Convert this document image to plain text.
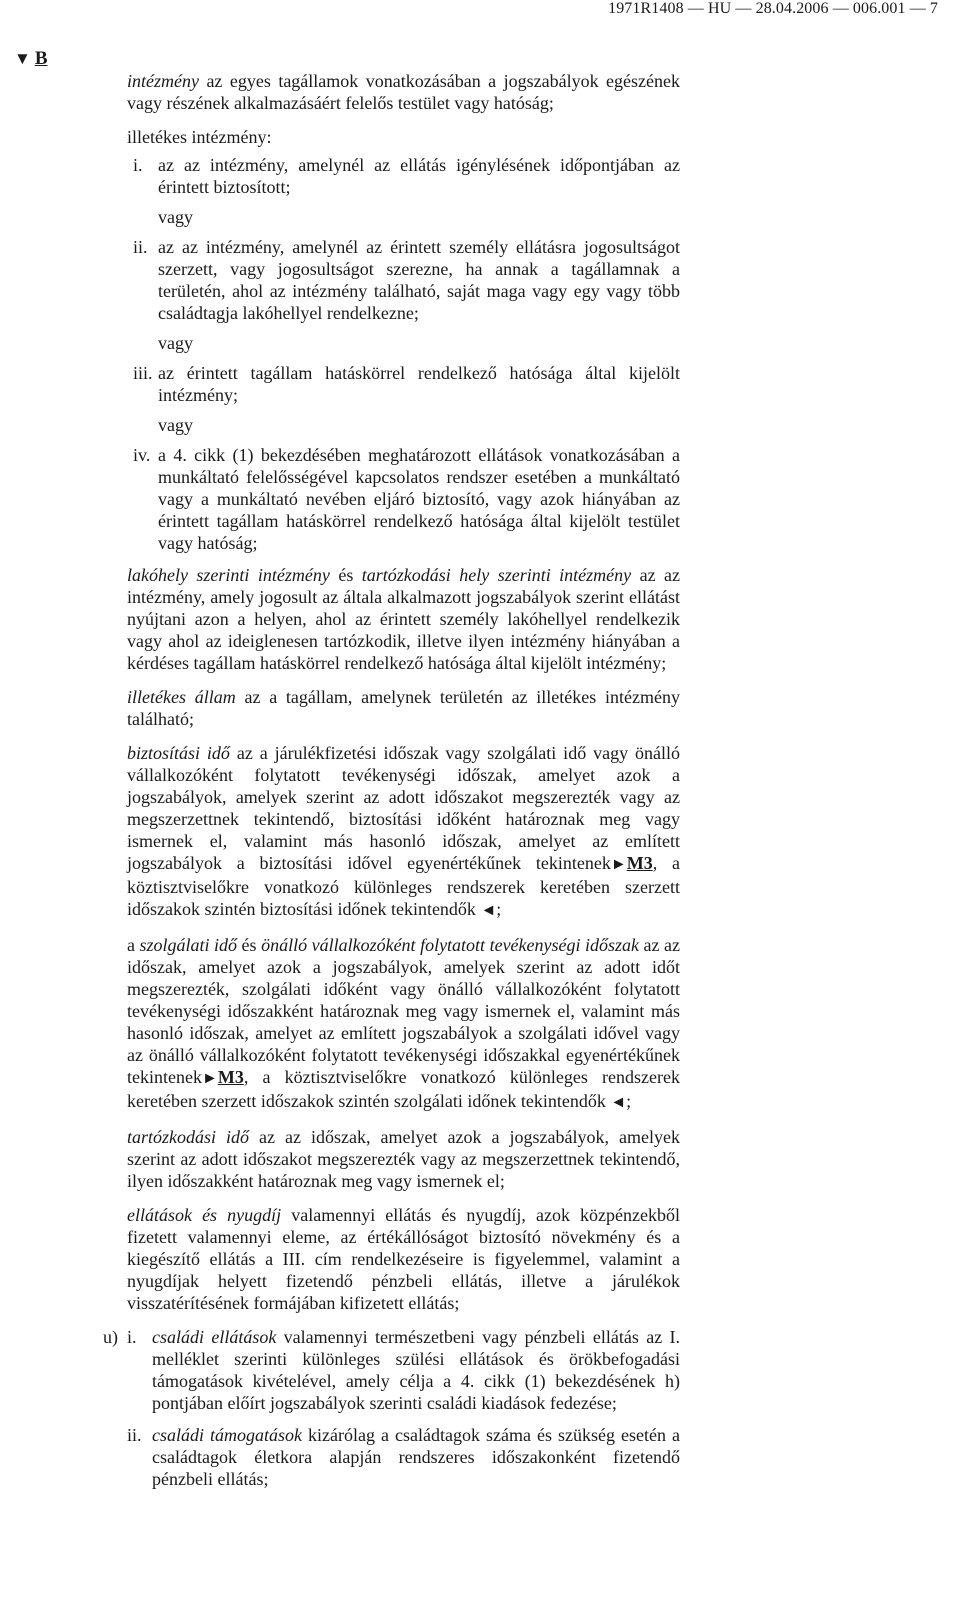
1971R1408 — HU — 28.04.2006 — 006.001 — 7
▼ B
intézmény az egyes tagállamok vonatkozásában a jogszabályok egészének vagy részének alkalmazásáért felelős testület vagy hatóság;
illetékes intézmény:
i. az az intézmény, amelynél az ellátás igénylésének időpontjában az érintett biztosított;
vagy
ii. az az intézmény, amelynél az érintett személy ellátásra jogosultságot szerzett, vagy jogosultságot szerezne, ha annak a tagállamnak a területén, ahol az intézmény található, saját maga vagy egy vagy több családtagja lakóhellyel rendelkezne;
vagy
iii. az érintett tagállam hatáskörrel rendelkező hatósága által kijelölt intézmény;
vagy
iv. a 4. cikk (1) bekezdésében meghatározott ellátások vonatkozásában a munkáltató felelősségével kapcsolatos rendszer esetében a munkáltató vagy a munkáltató nevében eljáró biztosító, vagy azok hiányában az érintett tagállam hatáskörrel rendelkező hatósága által kijelölt testület vagy hatóság;
lakóhely szerinti intézmény és tartózkodási hely szerinti intézmény az az intézmény, amely jogosult az általa alkalmazott jogszabályok szerint ellátást nyújtani azon a helyen, ahol az érintett személy lakóhellyel rendelkezik vagy ahol az ideiglenesen tartózkodik, illetve ilyen intézmény hiányában a kérdéses tagállam hatáskörrel rendelkező hatósága által kijelölt intézmény;
illetékes állam az a tagállam, amelynek területén az illetékes intézmény található;
biztosítási idő az a járulékfizetési időszak vagy szolgálati idő vagy önálló vállalkozóként folytatott tevékenységi időszak, amelyet azok a jogszabályok, amelyek szerint az adott időszakot megszerezték vagy az megszerzettnek tekintendő, biztosítási időként határoznak meg vagy ismernek el, valamint más hasonló időszak, amelyet az említett jogszabályok a biztosítási idővel egyenértékűnek tekintenek►M3, a köztisztviselőkre vonatkozó különleges rendszerek keretében szerzett időszakok szintén biztosítási időnek tekintendők ◄;
a szolgálati idő és önálló vállalkozóként folytatott tevékenységi időszak az az időszak, amelyet azok a jogszabályok, amelyek szerint az adott időt megszerezték, szolgálati időként vagy önálló vállalkozóként folytatott tevékenységi időszakként határoznak meg vagy ismernek el, valamint más hasonló időszak, amelyet az említett jogszabályok a szolgálati idővel vagy az önálló vállalkozóként folytatott tevékenységi időszakkal egyenértékűnek tekintenek►M3, a köztisztviselőkre vonatkozó különleges rendszerek keretében szerzett időszakok szintén szolgálati időnek tekintendők ◄;
tartózkodási idő az az időszak, amelyet azok a jogszabályok, amelyek szerint az adott időszakot megszerezték vagy az megszerzettnek tekintendő, ilyen időszakként határoznak meg vagy ismernek el;
ellátások és nyugdíj valamennyi ellátás és nyugdíj, azok közpénzekből fizetett valamennyi eleme, az értékállóságot biztosító növekmény és a kiegészítő ellátás a III. cím rendelkezéseire is figyelemmel, valamint a nyugdíjak helyett fizetendő pénzbeli ellátás, illetve a járulékok visszatérítésének formájában kifizetett ellátás;
u) i. családi ellátások valamennyi természetbeni vagy pénzbeli ellátás az I. melléklet szerinti különleges szülési ellátások és örökbefogadási támogatások kivételével, amely célja a 4. cikk (1) bekezdésének h) pontjában előírt jogszabályok szerinti családi kiadások fedezése;
ii. családi támogatások kizárólag a családtagok száma és szükség esetén a családtagok életkora alapján rendszeres időszakonként fizetendő pénzbeli ellátás;
